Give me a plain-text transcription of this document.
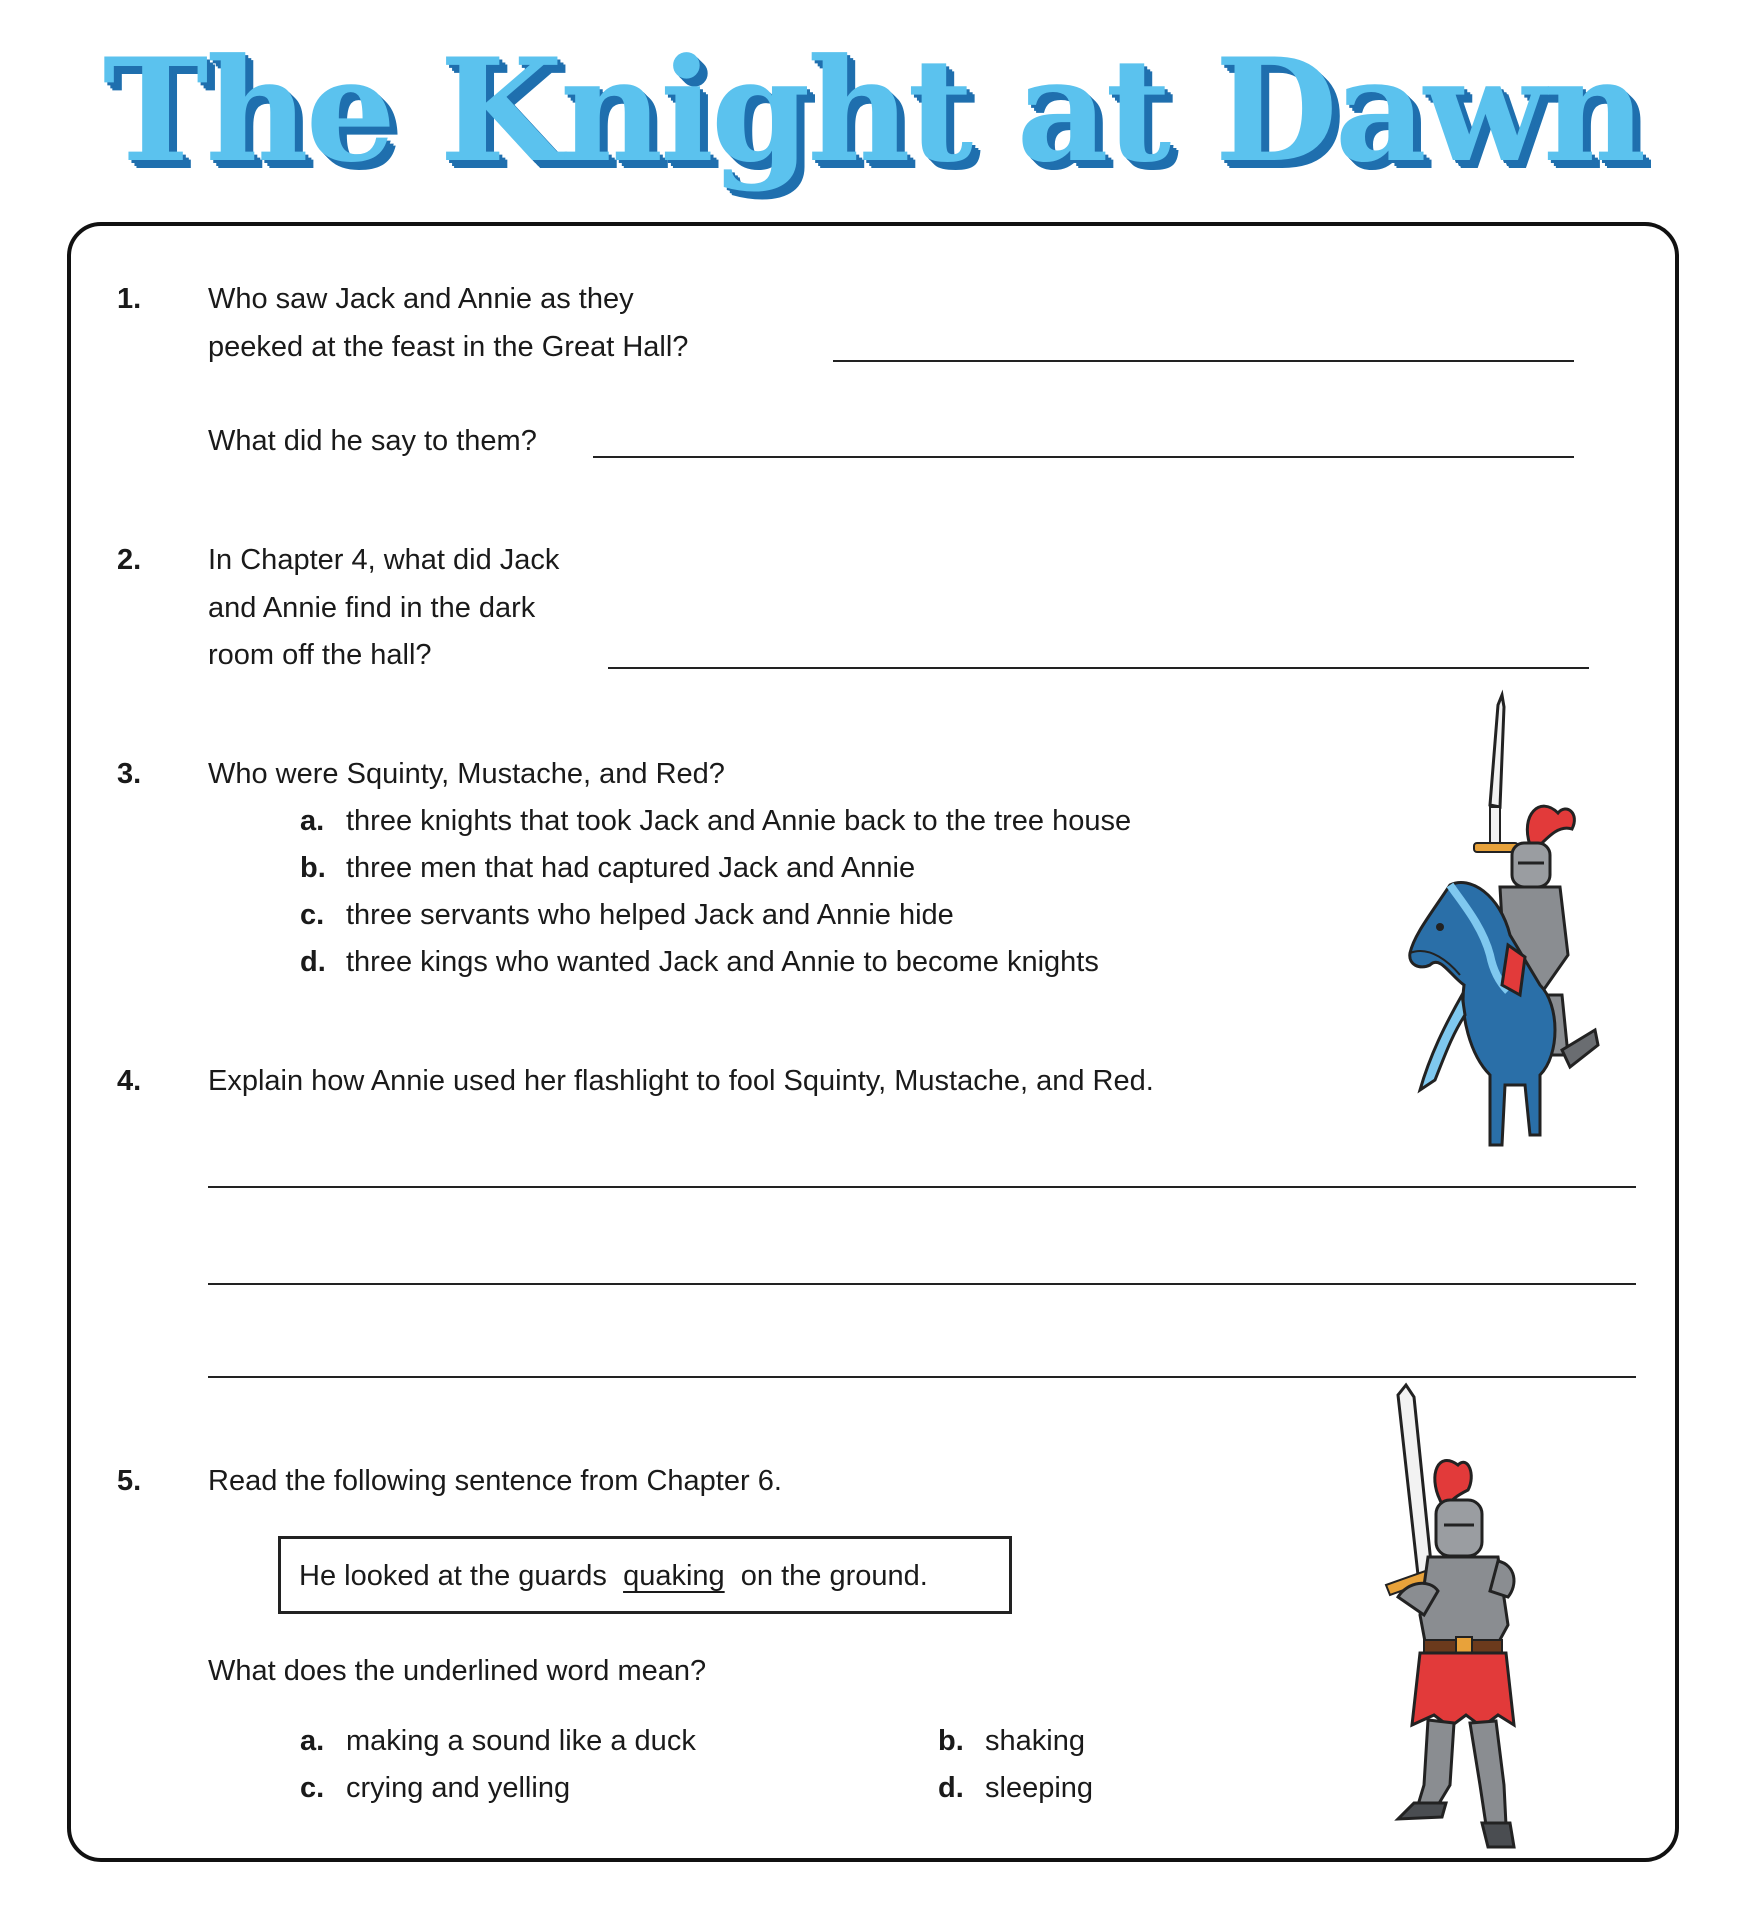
The Knight at Dawn
1. Who saw Jack and Annie as they
peeked at the feast in the Great Hall?
What did he say to them?
2. In Chapter 4, what did Jack
and Annie find in the dark
room off the hall?
3. Who were Squinty, Mustache, and Red?
a. three knights that took Jack and Annie back to the tree house
b. three men that had captured Jack and Annie
c. three servants who helped Jack and Annie hide
d. three kings who wanted Jack and Annie to become knights
4. Explain how Annie used her flashlight to fool Squinty, Mustache, and Red.
5. Read the following sentence from Chapter 6.
He looked at the guards quaking on the ground.
What does the underlined word mean?
a. making a sound like a duck	b. shaking
c. crying and yelling	d. sleeping
